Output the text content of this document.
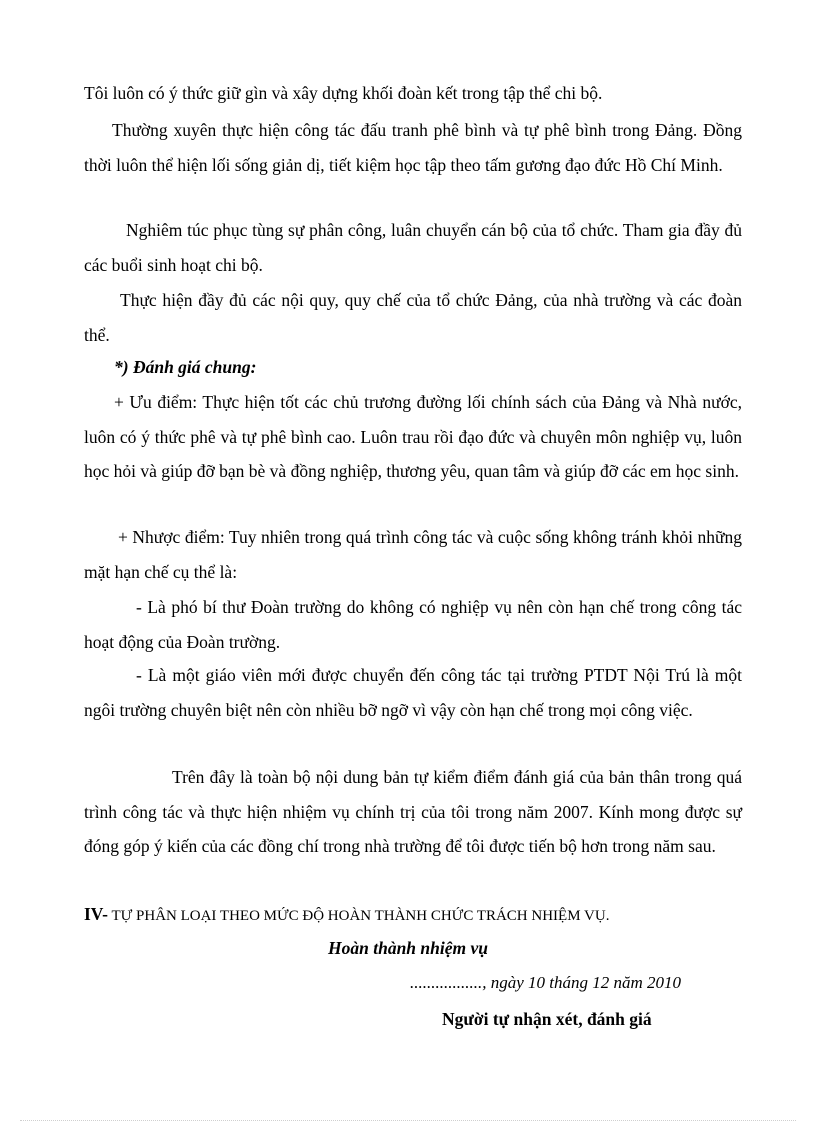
Tôi luôn có ý thức giữ gìn và xây dựng khối đoàn kết trong tập thể chi bộ.

Thường xuyên thực hiện công tác đấu tranh phê bình và tự phê bình trong Đảng. Đồng thời luôn thể hiện lối sống giản dị, tiết kiệm học tập theo tấm gương đạo đức Hồ Chí Minh.

Nghiêm túc phục tùng sự phân công, luân chuyển cán bộ của tổ chức. Tham gia đầy đủ các buổi sinh hoạt chi bộ.

Thực hiện đầy đủ các nội quy, quy chế của tổ chức Đảng, của nhà trường và các đoàn thể.

*) Đánh giá chung:

+ Ưu điểm: Thực hiện tốt các chủ trương đường lối chính sách của Đảng và Nhà nước, luôn có ý thức phê và tự phê bình cao. Luôn trau rồi đạo đức và chuyên môn nghiệp vụ, luôn học hỏi và giúp đỡ bạn bè và đồng nghiệp, thương yêu, quan tâm và giúp đỡ các em học sinh.

+ Nhược điểm: Tuy nhiên trong quá trình công tác và cuộc sống không tránh khỏi những mặt hạn chế cụ thể là:

- Là phó bí thư Đoàn trường do không có nghiệp vụ nên còn hạn chế trong công tác hoạt động của Đoàn trường.

- Là một giáo viên mới được chuyển đến công tác tại trường PTDT Nội Trú là một ngôi trường chuyên biệt nên còn nhiều bỡ ngỡ vì vậy còn hạn chế trong mọi công việc.

Trên đây là toàn bộ nội dung bản tự kiểm điểm đánh giá của bản thân trong quá trình công tác và thực hiện nhiệm vụ chính trị của tôi trong năm 2007. Kính mong được sự đóng góp ý kiến của các đồng chí trong nhà trường để tôi được tiến bộ hơn trong năm sau.

IV- TỰ PHÂN LOẠI THEO MỨC ĐỘ HOÀN THÀNH CHỨC TRÁCH NHIỆM VỤ.

Hoàn thành nhiệm vụ

................., ngày 10 tháng 12 năm 2010

Người tự nhận xét, đánh giá
